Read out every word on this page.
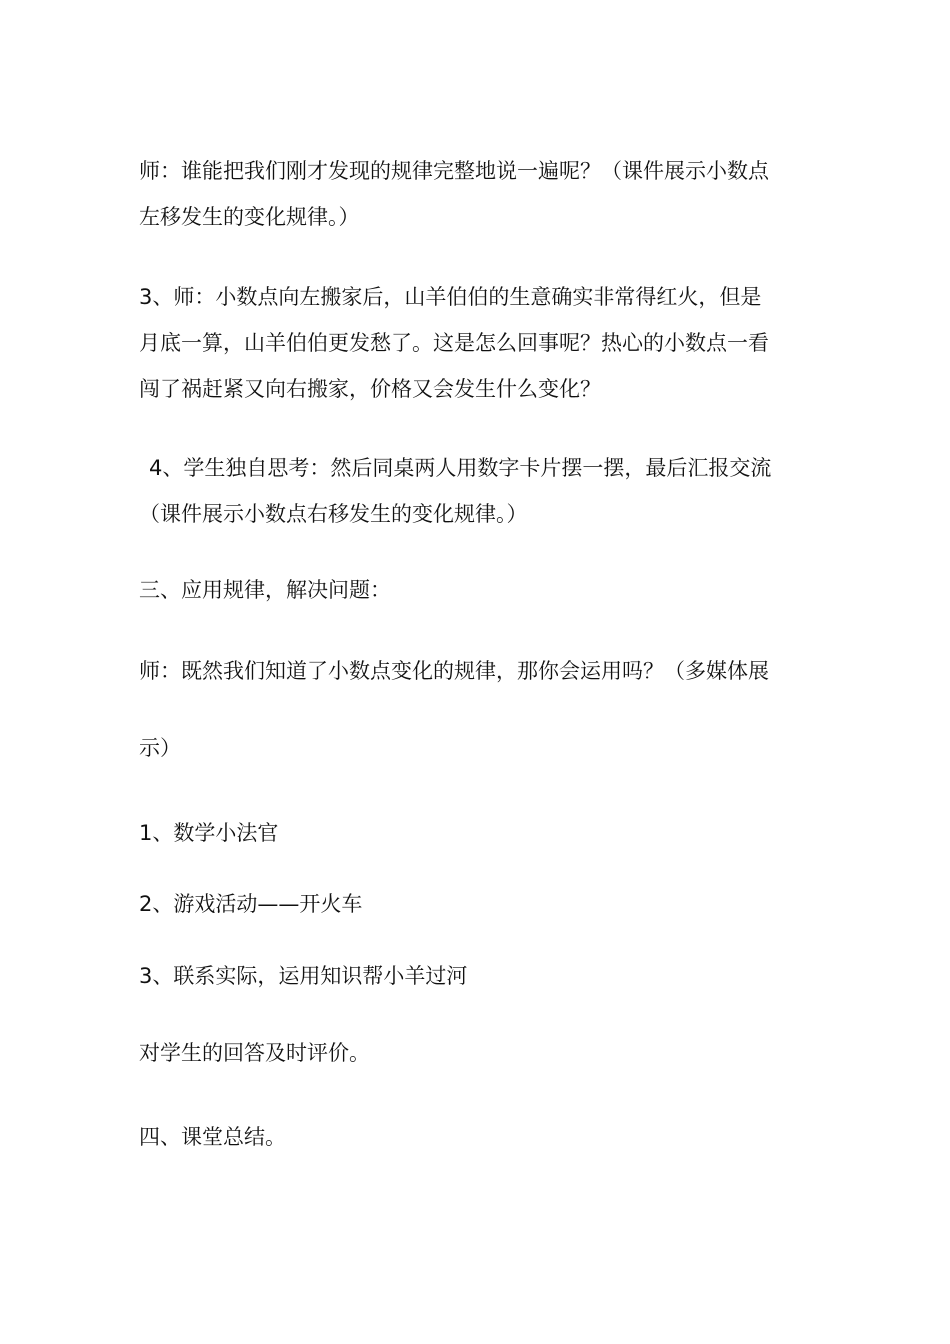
师：谁能把我们刚才发现的规律完整地说一遍呢？（课件展示小数点
左移发生的变化规律。）

3、师：小数点向左搬家后，山羊伯伯的生意确实非常得红火，但是
月底一算，山羊伯伯更发愁了。这是怎么回事呢？热心的小数点一看
闯了祸赶紧又向右搬家，价格又会发生什么变化？

4、学生独自思考：然后同桌两人用数字卡片摆一摆，最后汇报交流
（课件展示小数点右移发生的变化规律。）

三、应用规律，解决问题：

师：既然我们知道了小数点变化的规律，那你会运用吗？（多媒体展

示）

1、数学小法官

2、游戏活动——开火车

3、联系实际，运用知识帮小羊过河

对学生的回答及时评价。

四、课堂总结。
